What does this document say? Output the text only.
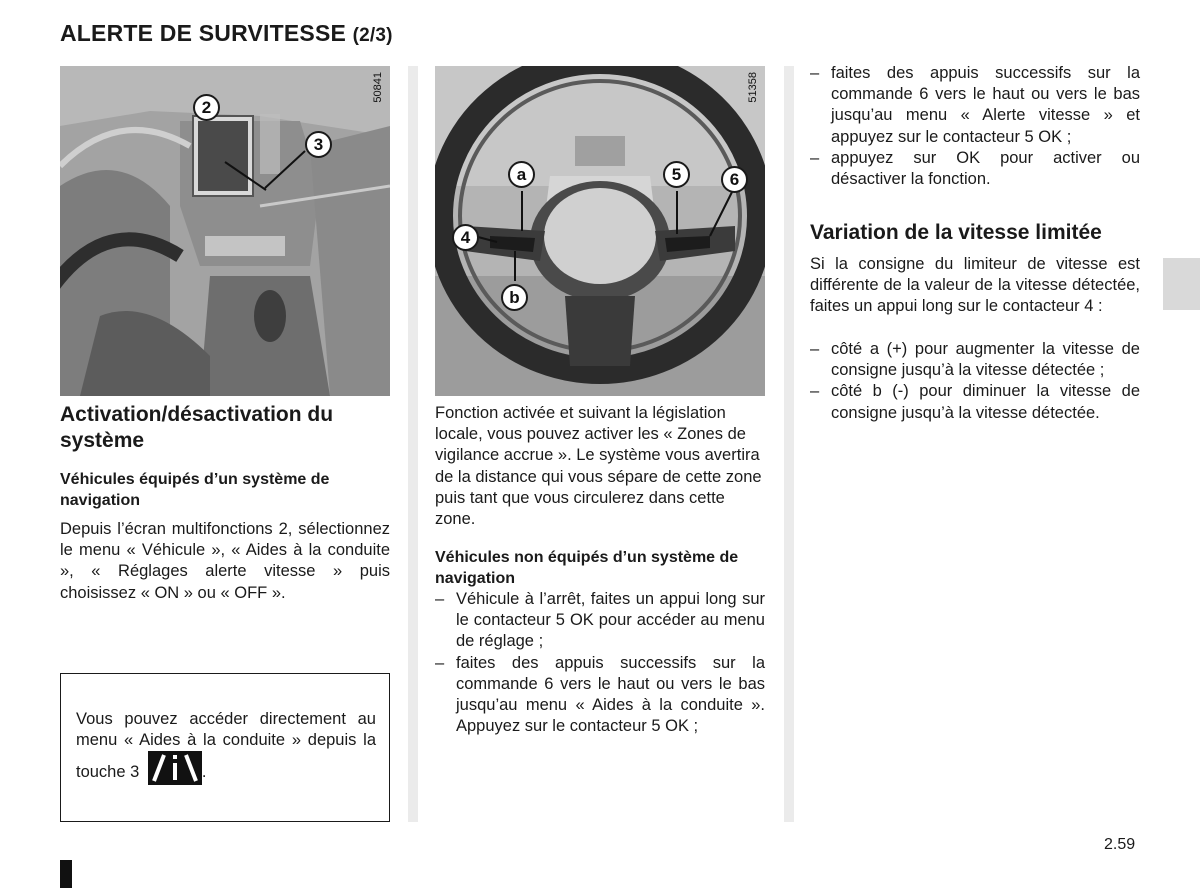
ALERTE DE SURVITESSE (2/3)
2
3
50841
a	5	6
4
b
51358
Activation/désactivation du système
Véhicules équipés d’un système de navigation
Depuis l’écran multifonctions 2, sélectionnez le menu « Véhicule », « Aides à la conduite », « Réglages alerte vitesse » puis choisissez « ON » ou « OFF ».
Vous pouvez accéder directement au menu « Aides à la conduite » depuis la touche 3	.
Fonction activée et suivant la législation locale, vous pouvez activer les « Zones de vigilance accrue ». Le système vous avertira de la distance qui vous sépare de cette zone puis tant que vous circulerez dans cette zone.
Véhicules non équipés d’un système de navigation
– Véhicule à l’arrêt, faites un appui long sur le contacteur 5 OK pour accéder au menu de réglage ;
– faites des appuis successifs sur la commande 6 vers le haut ou vers le bas jusqu’au menu « Aides à la conduite ». Appuyez sur le contacteur 5 OK ;
– faites des appuis successifs sur la commande 6 vers le haut ou vers le bas jusqu’au menu « Alerte vitesse » et appuyez sur le contacteur 5 OK ;
– appuyez sur OK pour activer ou désactiver la fonction.
Variation de la vitesse limitée
Si la consigne du limiteur de vitesse est différente de la valeur de la vitesse détectée, faites un appui long sur le contacteur 4 :
– côté a (+) pour augmenter la vitesse de consigne jusqu’à la vitesse détectée ;
– côté b (-) pour diminuer la vitesse de consigne jusqu’à la vitesse détectée.
2.59
